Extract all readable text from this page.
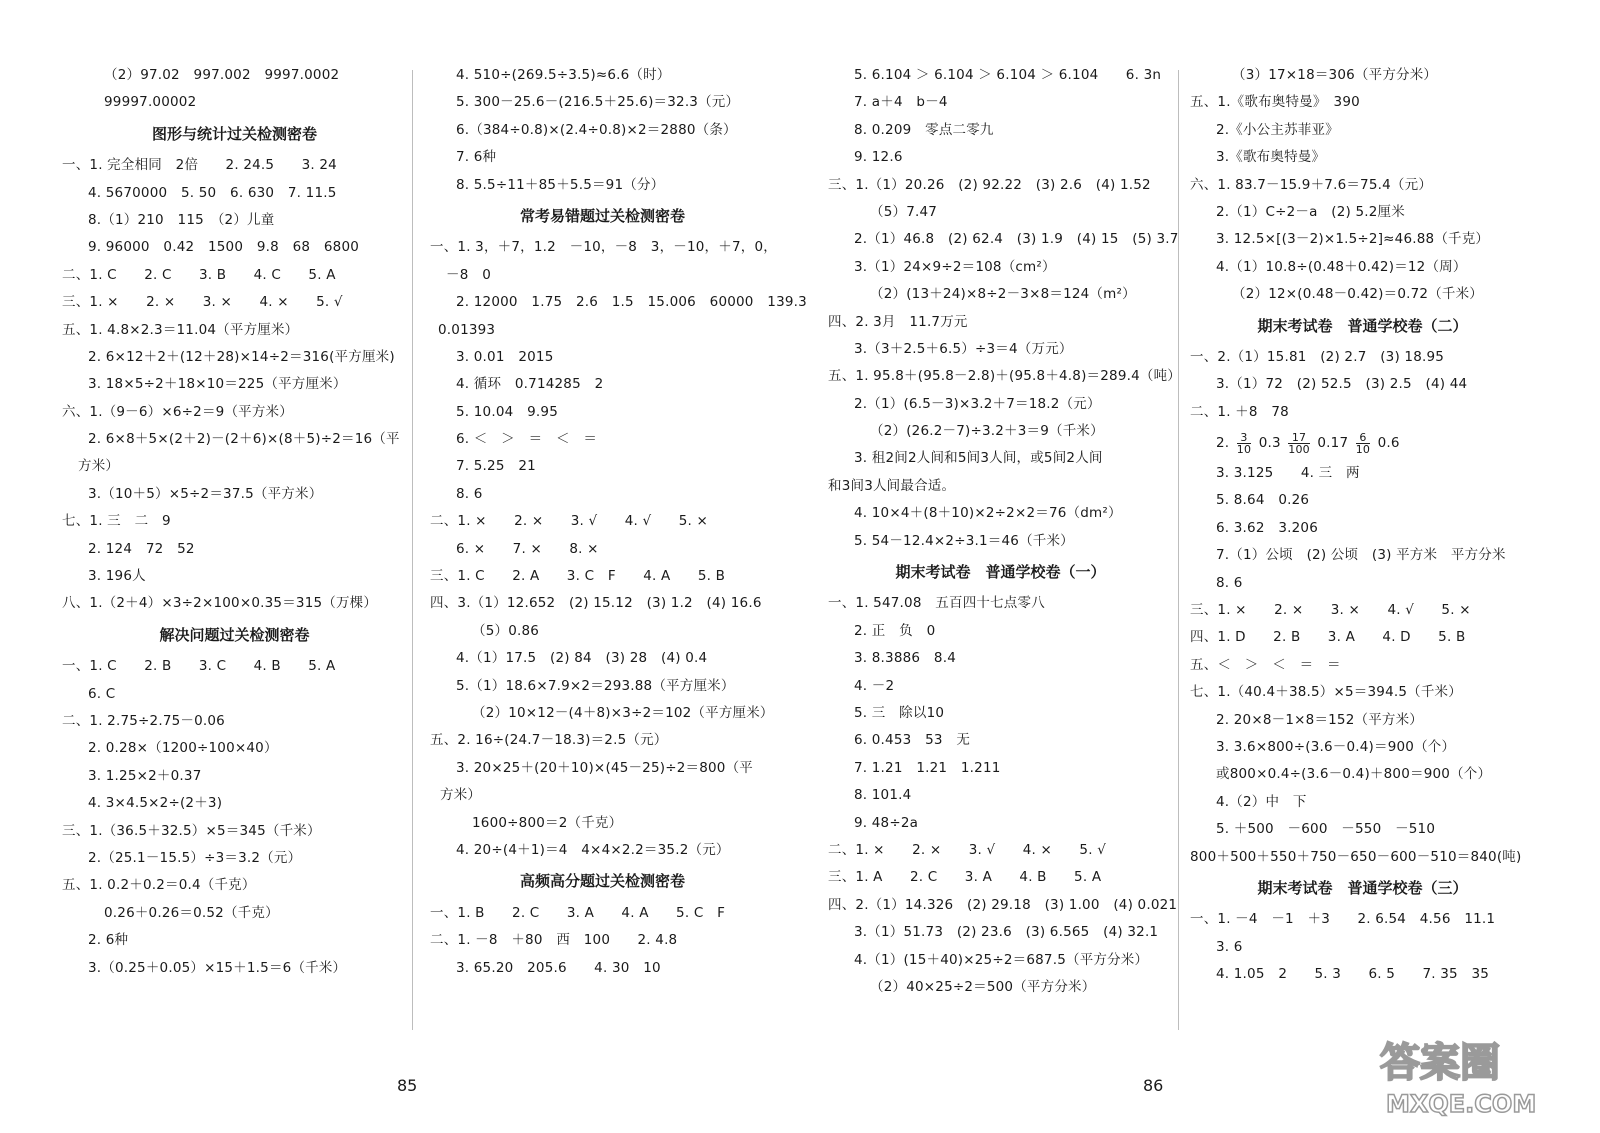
（2）97.02　997.002　9997.0002
99997.00002
图形与统计过关检测密卷
一、1. 完全相同　2倍　　2. 24.5　　3. 24
4. 5670000　5. 50　6. 630　7. 11.5
8.（1）210　115　（2）儿童
9. 96000　0.42　1500　9.8　68　6800
二、1. C　　2. C　　3. B　　4. C　　5. A
三、1. ×　　2. ×　　3. ×　　4. ×　　5. √
五、1. 4.8×2.3＝11.04（平方厘米）
2. 6×12＋2＋(12＋28)×14÷2＝316(平方厘米)
3. 18×5÷2＋18×10＝225（平方厘米）
六、1.（9－6）×6÷2＝9（平方米）
2. 6×8＋5×(2＋2)－(2＋6)×(8＋5)÷2＝16（平
方米）
3.（10＋5）×5÷2＝37.5（平方米）
七、1. 三　二　9
2. 124　72　52
3. 196人
八、1.（2＋4）×3÷2×100×0.35＝315（万棵）
解决问题过关检测密卷
一、1. C　　2. B　　3. C　　4. B　　5. A
6. C
二、1. 2.75÷2.75－0.06
2. 0.28×（1200÷100×40）
3. 1.25×2＋0.37
4. 3×4.5×2÷(2＋3)
三、1.（36.5＋32.5）×5＝345（千米）
2.（25.1－15.5）÷3＝3.2（元）
五、1. 0.2＋0.2＝0.4（千克）
0.26＋0.26＝0.52（千克）
2. 6种
3.（0.25＋0.05）×15＋1.5＝6（千米）
4. 510÷(269.5÷3.5)≈6.6（时）
5. 300－25.6－(216.5＋25.6)＝32.3（元）
6.（384÷0.8)×(2.4÷0.8)×2＝2880（条）
7. 6种
8. 5.5÷11＋85＋5.5＝91（分）
常考易错题过关检测密卷
一、1. 3，＋7，1.2　－10，－8　3，－10，＋7，0，
－8　0
2. 12000　1.75　2.6　1.5　15.006　60000　139.3
0.01393
3. 0.01　2015
4. 循环　0.714285　2
5. 10.04　9.95
6. ＜　＞　＝　＜　＝
7. 5.25　21
8. 6
二、1. ×　　2. ×　　3. √　　4. √　　5. ×
6. ×　　7. ×　　8. ×
三、1. C　　2. A　　3. C　F　　4. A　　5. B
四、3.（1）12.652　(2) 15.12　(3) 1.2　(4) 16.6
（5）0.86
4.（1）17.5　(2) 84　(3) 28　(4) 0.4
5.（1）18.6×7.9×2＝293.88（平方厘米）
（2）10×12－(4＋8)×3÷2＝102（平方厘米）
五、2. 16÷(24.7－18.3)＝2.5（元）
3. 20×25＋(20＋10)×(45－25)÷2＝800（平
方米）
1600÷800＝2（千克）
4. 20÷(4＋1)＝4　4×4×2.2＝35.2（元）
高频高分题过关检测密卷
一、1. B　　2. C　　3. A　　4. A　　5. C　F
二、1. －8　＋80　西　100　　2. 4.8
3. 65.20　205.6　　4. 30　10
5. 6.104 ＞ 6.104 ＞ 6.104 ＞ 6.104　　6. 3n
7. a＋4　b－4
8. 0.209　零点二零九
9. 12.6
三、1.（1）20.26　(2) 92.22　(3) 2.6　(4) 1.52
（5）7.47
2.（1）46.8　(2) 62.4　(3) 1.9　(4) 15　(5) 3.7
3.（1）24×9÷2＝108（cm²）
（2）(13＋24)×8÷2－3×8＝124（m²）
四、2. 3月　11.7万元
3.（3＋2.5＋6.5）÷3＝4（万元）
五、1. 95.8＋(95.8－2.8)＋(95.8＋4.8)＝289.4（吨）
2.（1）(6.5－3)×3.2＋7＝18.2（元）
（2）(26.2－7)÷3.2＋3＝9（千米）
3. 租2间2人间和5间3人间，或5间2人间
和3间3人间最合适。
4. 10×4＋(8＋10)×2÷2×2＝76（dm²）
5. 54－12.4×2÷3.1＝46（千米）
期末考试卷　普通学校卷（一）
一、1. 547.08　五百四十七点零八
2. 正　负　0
3. 8.3886　8.4
4. －2
5. 三　除以10
6. 0.453　53　无
7. 1.21　1.21　1.211
8. 101.4
9. 48÷2a
二、1. ×　　2. ×　　3. √　　4. ×　　5. √
三、1. A　　2. C　　3. A　　4. B　　5. A
四、2.（1）14.326　(2) 29.18　(3) 1.00　(4) 0.021
3.（1）51.73　(2) 23.6　(3) 6.565　(4) 32.1
4.（1）(15＋40)×25÷2＝687.5（平方分米）
（2）40×25÷2＝500（平方分米）
（3）17×18＝306（平方分米）
五、1.《歌布奥特曼》　390
2.《小公主苏菲亚》
3.《歌布奥特曼》
六、1. 83.7－15.9＋7.6＝75.4（元）
2.（1）C÷2－a　(2) 5.2厘米
3. 12.5×[(3－2)×1.5÷2]≈46.88（千克）
4.（1）10.8÷(0.48＋0.42)＝12（周）
（2）12×(0.48－0.42)＝0.72（千米）
期末考试卷　普通学校卷（二）
一、2.（1）15.81　(2) 2.7　(3) 18.95
3.（1）72　(2) 52.5　(3) 2.5　(4) 44
二、1. ＋8　78
2. $\frac{3}{10} 0.3 \frac{17}{100} 0.17 \frac{6}{10} 0.6$
3. 3.125　　4. 三　两
5. 8.64　0.26
6. 3.62　3.206
7.（1）公顷　(2) 公顷　(3) 平方米　平方分米
8. 6
三、1. ×　　2. ×　　3. ×　　4. √　　5. ×
四、1. D　　2. B　　3. A　　4. D　　5. B
五、＜　＞　＜　＝　＝
七、1.（40.4＋38.5）×5＝394.5（千米）
2. 20×8－1×8＝152（平方米）
3. 3.6×800÷(3.6－0.4)＝900（个）
或800×0.4÷(3.6－0.4)＋800＝900（个）
4.（2）中　下
5. ＋500　－600　－550　－510
800＋500＋550＋750－650－600－510＝840(吨)
期末考试卷　普通学校卷（三）
一、1. －4　－1　＋3　　2. 6.54　4.56　11.1
3. 6
4. 1.05　2　　5. 3　　6. 5　　7. 35　35
85	86	答案圈
MXQE.COM
